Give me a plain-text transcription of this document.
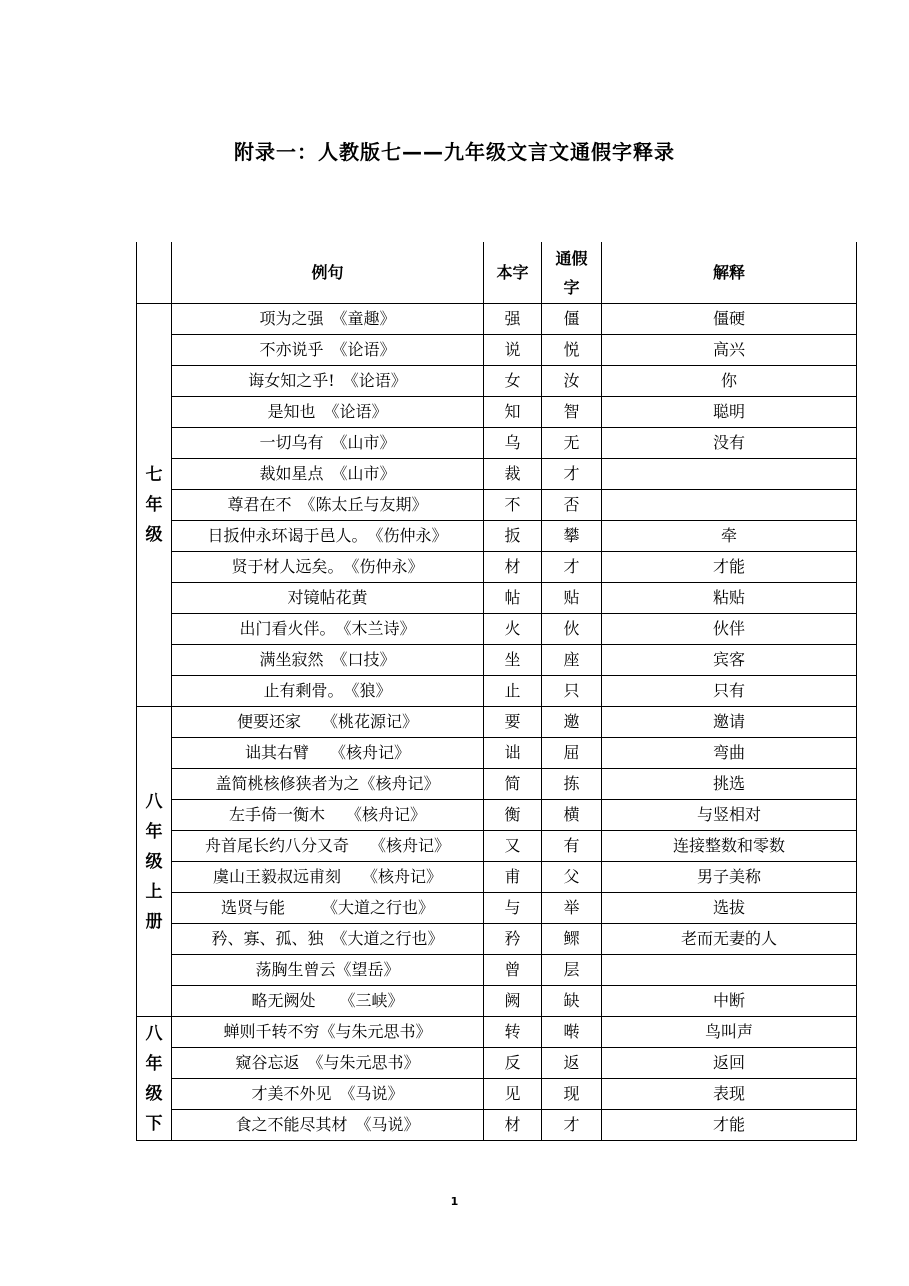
附录一：人教版七——九年级文言文通假字释录
	例句	本字	通假字	解释

七年级	项为之强　《童趣》	强	僵	僵硬
	不亦说乎　《论语》	说	悦	高兴
	诲女知之乎!　《论语》	女	汝	你
	是知也　《论语》	知	智	聪明
	一切乌有　《山市》	乌	无	没有
	裁如星点　《山市》	裁	才	
	尊君在不　《陈太丘与友期》	不	否	
	日扳仲永环谒于邑人。　《伤仲永》	扳	攀	牵
	贤于材人远矣。　《伤仲永》	材	才	才能
	对镜帖花黄	帖	贴	粘贴
	出门看火伴。　《木兰诗》	火	伙	伙伴
	满坐寂然　《口技》	坐	座	宾客
	止有剩骨。　《狼》	止	只	只有

八年级上册	便要还家　 《桃花源记》	要	邀	邀请
	诎其右臂　 《核舟记》	诎	屈	弯曲
	盖简桃核修狭者为之《核舟记》	简	拣	挑选
	左手倚一衡木　 《核舟记》	衡	横	与竖相对
	舟首尾长约八分又奇　 《核舟记》	又	有	连接整数和零数
	虞山王毅叔远甫刻　 《核舟记》	甫	父	男子美称
	选贤与能　　 《大道之行也》	与	举	选拔
	矜、寡、孤、独　《大道之行也》	矜	鳏	老而无妻的人
	荡胸生曾云《望岳》	曾	层	
	略无阙处　　《三峡》	阙	缺	中断

八年级下	蝉则千转不穷《与朱元思书》	转	啭	鸟叫声
	窥谷忘返　《与朱元思书》	反	返	返回
	才美不外见　《马说》	见	现	表现
	食之不能尽其材　《马说》	材	才	才能
1
